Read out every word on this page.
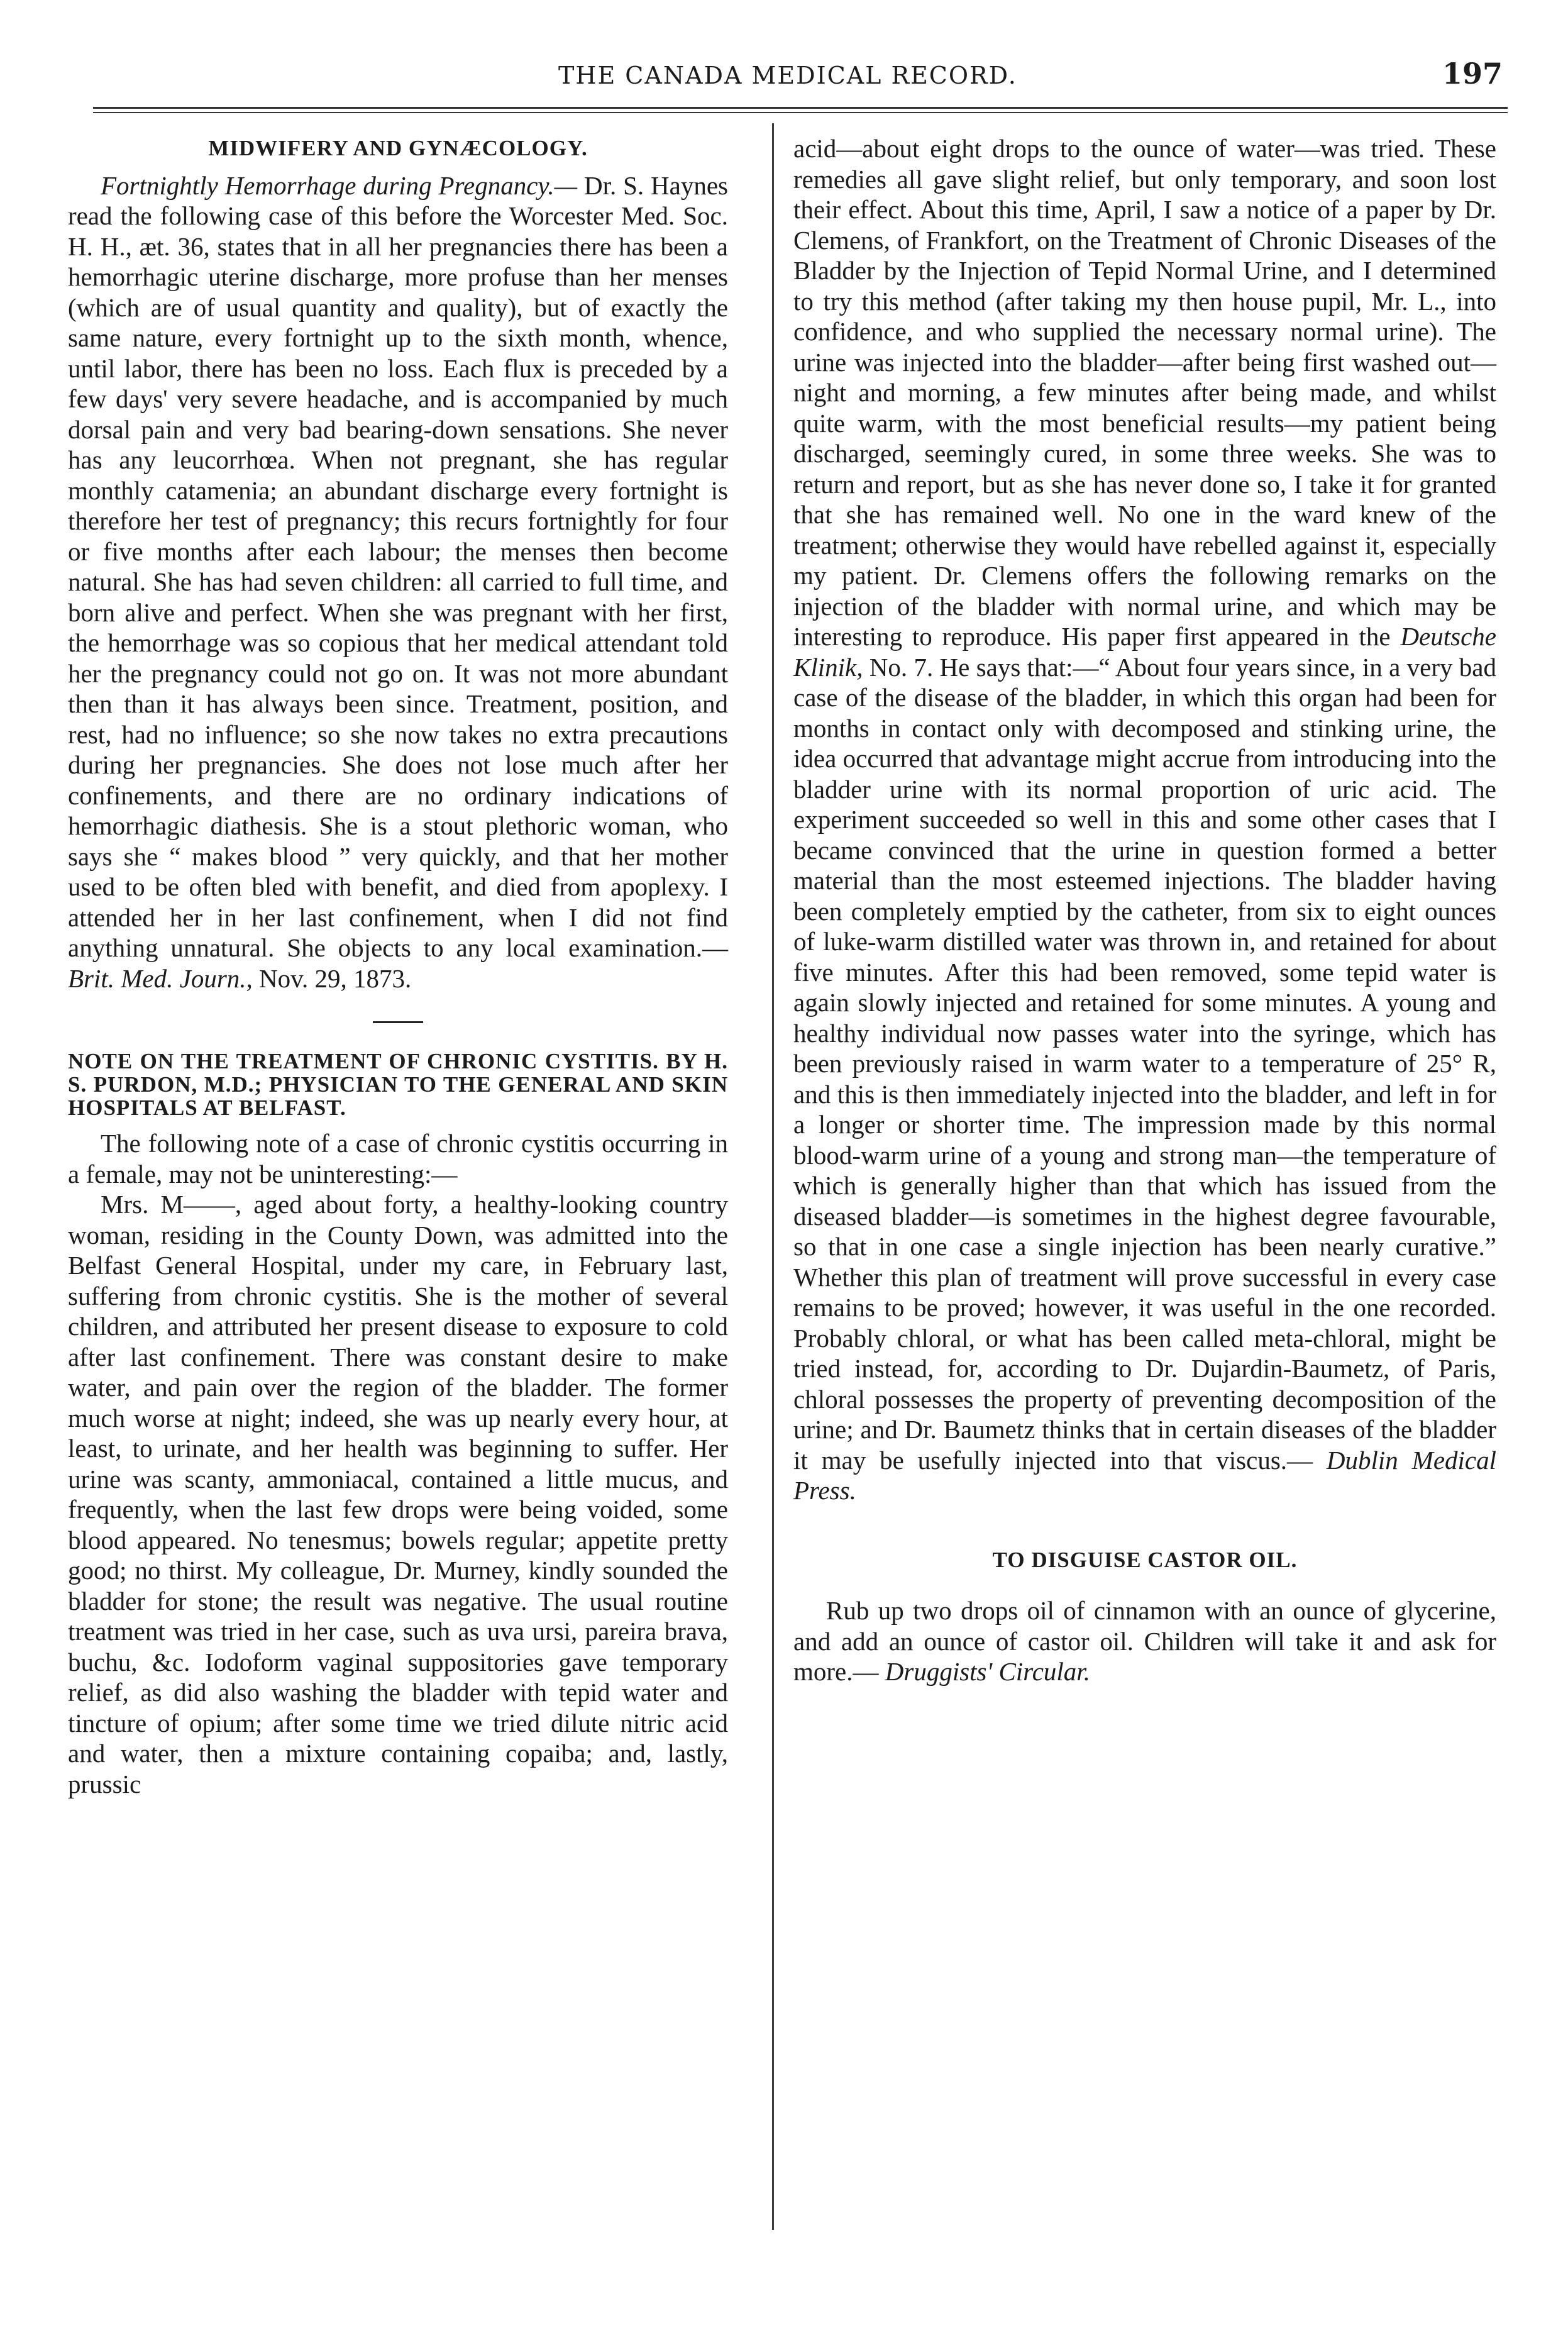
THE CANADA MEDICAL RECORD.	197
MIDWIFERY AND GYNÆCOLOGY.

Fortnightly Hemorrhage during Pregnancy.— Dr. S. Haynes read the following case of this before the Worcester Med. Soc. H. H., æt. 36, states that in all her pregnancies there has been a hemorrhagic uterine discharge, more profuse than her menses (which are of usual quantity and quality), but of exactly the same nature, every fortnight up to the sixth month, whence, until labor, there has been no loss. Each flux is preceded by a few days' very severe headache, and is accompanied by much dorsal pain and very bad bearing-down sensations. She never has any leucorrhœa. When not pregnant, she has regular monthly catamenia; an abundant discharge every fortnight is therefore her test of pregnancy; this recurs fortnightly for four or five months after each labour; the menses then become natural. She has had seven children: all carried to full time, and born alive and perfect. When she was pregnant with her first, the hemorrhage was so copious that her medical attendant told her the pregnancy could not go on. It was not more abundant then than it has always been since. Treatment, position, and rest, had no influence; so she now takes no extra precautions during her pregnancies. She does not lose much after her confinements, and there are no ordinary indications of hemorrhagic diathesis. She is a stout plethoric woman, who says she “ makes blood ” very quickly, and that her mother used to be often bled with benefit, and died from apoplexy. I attended her in her last confinement, when I did not find anything unnatural. She objects to any local examination.— Brit. Med. Journ., Nov. 29, 1873.

NOTE ON THE TREATMENT OF CHRONIC CYSTITIS. BY H. S. PURDON, M.D.; PHYSICIAN TO THE GENERAL AND SKIN HOSPITALS AT BELFAST.

The following note of a case of chronic cystitis occurring in a female, may not be uninteresting:—

Mrs. M——, aged about forty, a healthy-looking country woman, residing in the County Down, was admitted into the Belfast General Hospital, under my care, in February last, suffering from chronic cystitis. She is the mother of several children, and attributed her present disease to exposure to cold after last confinement. There was constant desire to make water, and pain over the region of the bladder. The former much worse at night; indeed, she was up nearly every hour, at least, to urinate, and her health was beginning to suffer. Her urine was scanty, ammoniacal, contained a little mucus, and frequently, when the last few drops were being voided, some blood appeared. No tenesmus; bowels regular; appetite pretty good; no thirst. My colleague, Dr. Murney, kindly sounded the bladder for stone; the result was negative. The usual routine treatment was tried in her case, such as uva ursi, pareira brava, buchu, &c. Iodoform vaginal suppositories gave temporary relief, as did also washing the bladder with tepid water and tincture of opium; after some time we tried dilute nitric acid and water, then a mixture containing copaiba; and, lastly, prussic

acid—about eight drops to the ounce of water—was tried. These remedies all gave slight relief, but only temporary, and soon lost their effect. About this time, April, I saw a notice of a paper by Dr. Clemens, of Frankfort, on the Treatment of Chronic Diseases of the Bladder by the Injection of Tepid Normal Urine, and I determined to try this method (after taking my then house pupil, Mr. L., into confidence, and who supplied the necessary normal urine). The urine was injected into the bladder—after being first washed out—night and morning, a few minutes after being made, and whilst quite warm, with the most beneficial results—my patient being discharged, seemingly cured, in some three weeks. She was to return and report, but as she has never done so, I take it for granted that she has remained well. No one in the ward knew of the treatment; otherwise they would have rebelled against it, especially my patient. Dr. Clemens offers the following remarks on the injection of the bladder with normal urine, and which may be interesting to reproduce. His paper first appeared in the Deutsche Klinik, No. 7. He says that:—“ About four years since, in a very bad case of the disease of the bladder, in which this organ had been for months in contact only with decomposed and stinking urine, the idea occurred that advantage might accrue from introducing into the bladder urine with its normal proportion of uric acid. The experiment succeeded so well in this and some other cases that I became convinced that the urine in question formed a better material than the most esteemed injections. The bladder having been completely emptied by the catheter, from six to eight ounces of luke-warm distilled water was thrown in, and retained for about five minutes. After this had been removed, some tepid water is again slowly injected and retained for some minutes. A young and healthy individual now passes water into the syringe, which has been previously raised in warm water to a temperature of 25° R, and this is then immediately injected into the bladder, and left in for a longer or shorter time. The impression made by this normal blood-warm urine of a young and strong man—the temperature of which is generally higher than that which has issued from the diseased bladder—is sometimes in the highest degree favourable, so that in one case a single injection has been nearly curative.” Whether this plan of treatment will prove successful in every case remains to be proved; however, it was useful in the one recorded. Probably chloral, or what has been called meta-chloral, might be tried instead, for, according to Dr. Dujardin-Baumetz, of Paris, chloral possesses the property of preventing decomposition of the urine; and Dr. Baumetz thinks that in certain diseases of the bladder it may be usefully injected into that viscus.— Dublin Medical Press.

TO DISGUISE CASTOR OIL.

Rub up two drops oil of cinnamon with an ounce of glycerine, and add an ounce of castor oil. Children will take it and ask for more.— Druggists' Circular.
